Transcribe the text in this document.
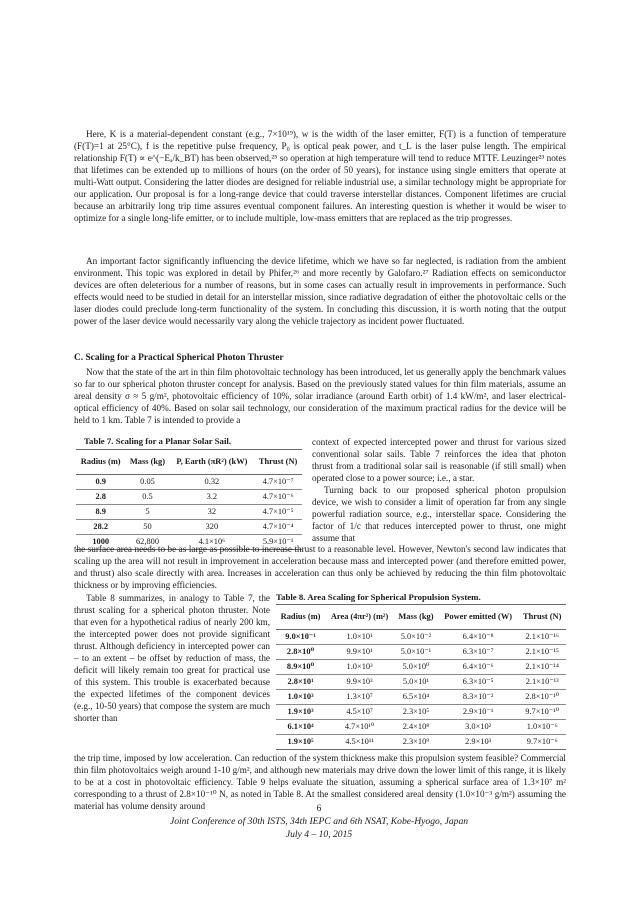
Here, K is a material-dependent constant (e.g., 7×10¹⁹), w is the width of the laser emitter, F(T) is a function of temperature (F(T)=1 at 25°C), f is the repetitive pulse frequency, P₀ is optical peak power, and t_L is the laser pulse length. The empirical relationship F(T) ∝ e^(−Eₐ/k_BT) has been observed,²⁵ so operation at high temperature will tend to reduce MTTF. Leuzinger²³ notes that lifetimes can be extended up to millions of hours (on the order of 50 years), for instance using single emitters that operate at multi-Watt output. Considering the latter diodes are designed for reliable industrial use, a similar technology might be appropriate for our application. Our proposal is for a long-range device that could traverse interstellar distances. Component lifetimes are crucial because an arbitrarily long trip time assures eventual component failures. An interesting question is whether it would be wiser to optimize for a single long-life emitter, or to include multiple, low-mass emitters that are replaced as the trip progresses.

An important factor significantly influencing the device lifetime, which we have so far neglected, is radiation from the ambient environment. This topic was explored in detail by Phifer,²⁶ and more recently by Galofaro.²⁷ Radiation effects on semiconductor devices are often deleterious for a number of reasons, but in some cases can actually result in improvements in performance. Such effects would need to be studied in detail for an interstellar mission, since radiative degradation of either the photovoltaic cells or the laser diodes could preclude long-term functionality of the system. In concluding this discussion, it is worth noting that the output power of the laser device would necessarily vary along the vehicle trajectory as incident power fluctuated.

C. Scaling for a Practical Spherical Photon Thruster

Now that the state of the art in thin film photovoltaic technology has been introduced, let us generally apply the benchmark values so far to our spherical photon thruster concept for analysis. Based on the previously stated values for thin film materials, assume an areal density σ ≈ 5 g/m², photovoltaic efficiency of 10%, solar irradiance (around Earth orbit) of 1.4 kW/m², and laser electrical-optical efficiency of 40%. Based on solar sail technology, our consideration of the maximum practical radius for the device will be held to 1 km. Table 7 is intended to provide a

Table 7. Scaling for a Planar Solar Sail.
Radius (m)	Mass (kg)	P, Earth (πR²) (kW)	Thrust (N)
0.9	0.05	0.32	4.7×10⁻⁷
2.8	0.5	3.2	4.7×10⁻⁶
8.9	5	32	4.7×10⁻⁵
28.2	50	320	4.7×10⁻⁴
1000	62,800	4.1×10⁶	5.9×10⁻¹

context of expected intercepted power and thrust for various sized conventional solar sails. Table 7 reinforces the idea that photon thrust from a traditional solar sail is reasonable (if still small) when operated close to a power source; i.e., a star.

Turning back to our proposed spherical photon propulsion device, we wish to consider a limit of operation far from any single powerful radiation source, e.g., interstellar space. Considering the factor of 1/c that reduces intercepted power to thrust, one might assume that

the surface area needs to be as large as possible to increase thrust to a reasonable level. However, Newton's second law indicates that scaling up the area will not result in improvement in acceleration because mass and intercepted power (and therefore emitted power, and thrust) also scale directly with area. Increases in acceleration can thus only be achieved by reducing the thin film photovoltaic thickness or by improving efficiencies.

Table 8 summarizes, in analogy to Table 7, the thrust scaling for a spherical photon thruster. Note that even for a hypothetical radius of nearly 200 km, the intercepted power does not provide significant thrust. Although deficiency in intercepted power can – to an extent – be offset by reduction of mass, the deficit will likely remain too great for practical use of this system. This trouble is exacerbated because the expected lifetimes of the component devices (e.g., 10-50 years) that compose the system are much shorter than

Table 8. Area Scaling for Spherical Propulsion System.
Radius (m)	Area (4πr²) (m²)	Mass (kg)	Power emitted (W)	Thrust (N)
9.0×10⁻¹	1.0×10¹	5.0×10⁻²	6.4×10⁻⁸	2.1×10⁻¹⁶
2.8×10⁰	9.9×10¹	5.0×10⁻¹	6.3×10⁻⁷	2.1×10⁻¹⁵
8.9×10⁰	1.0×10³	5.0×10⁰	6.4×10⁻⁶	2.1×10⁻¹⁴
2.8×10¹	9.9×10³	5.0×10¹	6.3×10⁻⁵	2.1×10⁻¹³
1.0×10³	1.3×10⁷	6.5×10⁴	8.3×10⁻²	2.8×10⁻¹⁰
1.9×10³	4.5×10⁷	2.3×10⁵	2.9×10⁻¹	9.7×10⁻¹⁰
6.1×10⁴	4.7×10¹⁰	2.4×10⁸	3.0×10²	1.0×10⁻⁶
1.9×10⁵	4.5×10¹¹	2.3×10⁹	2.9×10³	9.7×10⁻⁶

the trip time, imposed by low acceleration. Can reduction of the system thickness make this propulsion system feasible? Commercial thin film photovoltaics weigh around 1-10 g/m², and although new materials may drive down the lower limit of this range, it is likely to be at a cost in photovoltaic efficiency. Table 9 helps evaluate the situation, assuming a spherical surface area of 1.3×10⁷ m² corresponding to a thrust of 2.8×10⁻¹⁰ N, as noted in Table 8. At the smallest considered areal density (1.0×10⁻³ g/m²) assuming the material has volume density around	6
Joint Conference of 30th ISTS, 34th IEPC and 6th NSAT, Kobe-Hyogo, Japan
July 4 – 10, 2015
